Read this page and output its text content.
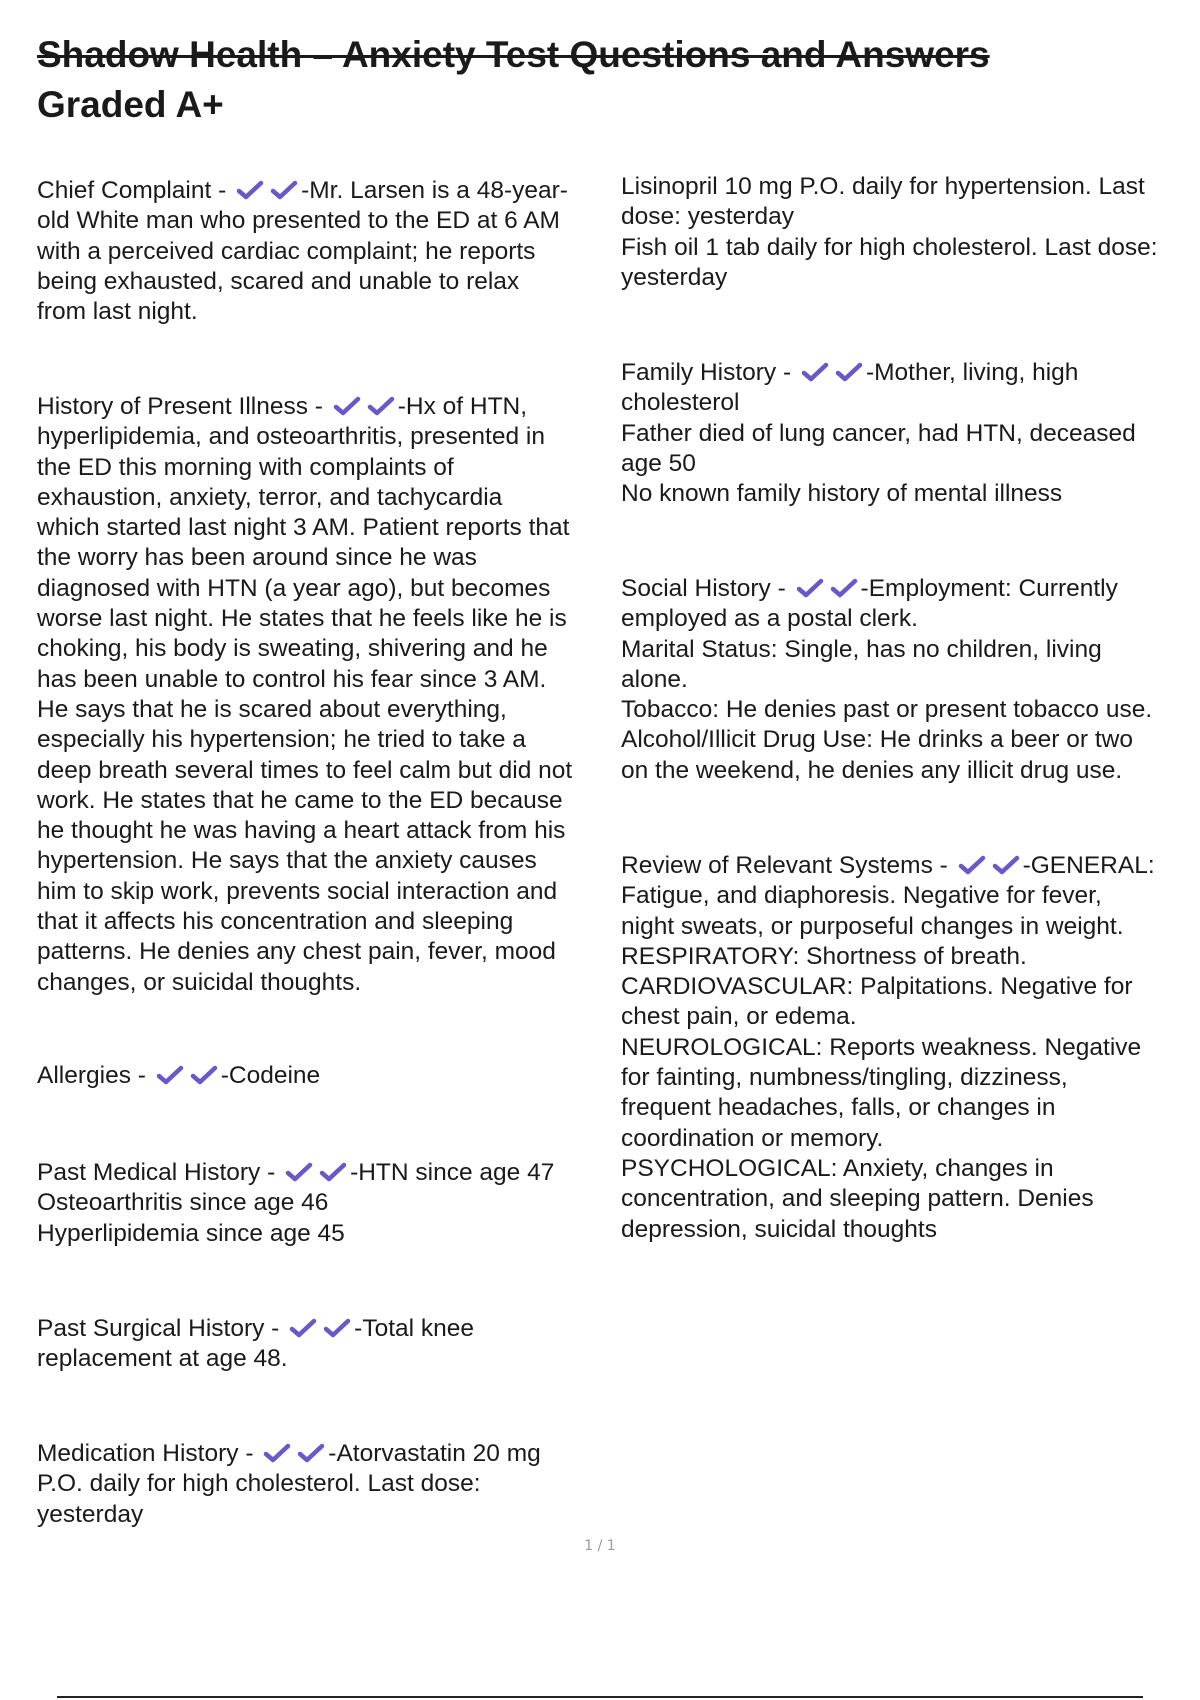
Shadow Health – Anxiety Test Questions and Answers
Graded A+
Chief Complaint -	-Mr. Larsen is a 48-year-
old White man who presented to the ED at 6 AM
with a perceived cardiac complaint; he reports
being exhausted, scared and unable to relax
from last night.
History of Present Illness -	-Hx of HTN,
hyperlipidemia, and osteoarthritis, presented in
the ED this morning with complaints of
exhaustion, anxiety, terror, and tachycardia
which started last night 3 AM. Patient reports that
the worry has been around since he was
diagnosed with HTN (a year ago), but becomes
worse last night. He states that he feels like he is
choking, his body is sweating, shivering and he
has been unable to control his fear since 3 AM.
He says that he is scared about everything,
especially his hypertension; he tried to take a
deep breath several times to feel calm but did not
work. He states that he came to the ED because
he thought he was having a heart attack from his
hypertension. He says that the anxiety causes
him to skip work, prevents social interaction and
that it affects his concentration and sleeping
patterns. He denies any chest pain, fever, mood
changes, or suicidal thoughts.
Allergies -	-Codeine
Past Medical History -	-HTN since age 47
Osteoarthritis since age 46
Hyperlipidemia since age 45
Past Surgical History -	-Total knee
replacement at age 48.
Medication History -	-Atorvastatin 20 mg
P.O. daily for high cholesterol. Last dose:
yesterday
Lisinopril 10 mg P.O. daily for hypertension. Last
dose: yesterday
Fish oil 1 tab daily for high cholesterol. Last dose:
yesterday
Family History -	-Mother, living, high
cholesterol
Father died of lung cancer, had HTN, deceased
age 50
No known family history of mental illness
Social History -	-Employment: Currently
employed as a postal clerk.
Marital Status: Single, has no children, living
alone.
Tobacco: He denies past or present tobacco use.
Alcohol/Illicit Drug Use: He drinks a beer or two
on the weekend, he denies any illicit drug use.
Review of Relevant Systems -	-GENERAL:
Fatigue, and diaphoresis. Negative for fever,
night sweats, or purposeful changes in weight.
RESPIRATORY: Shortness of breath.
CARDIOVASCULAR: Palpitations. Negative for
chest pain, or edema.
NEUROLOGICAL: Reports weakness. Negative
for fainting, numbness/tingling, dizziness,
frequent headaches, falls, or changes in
coordination or memory.
PSYCHOLOGICAL: Anxiety, changes in
concentration, and sleeping pattern. Denies
depression, suicidal thoughts
1 / 1
